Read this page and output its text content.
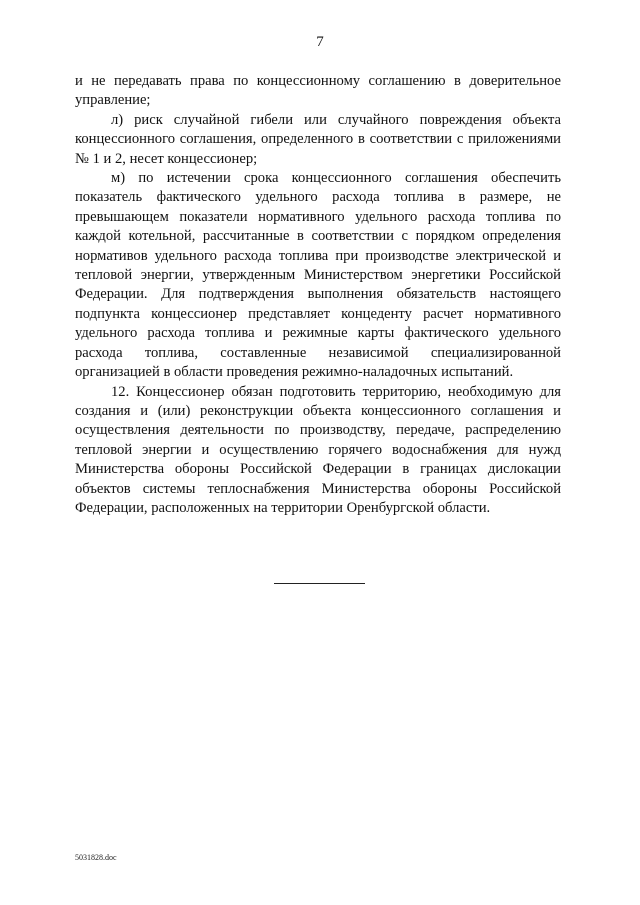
7

и не передавать права по концессионному соглашению в доверительное управление;

л) риск случайной гибели или случайного повреждения объекта концессионного соглашения, определенного в соответствии с приложениями № 1 и 2, несет концессионер;

м) по истечении срока концессионного соглашения обеспечить показатель фактического удельного расхода топлива в размере, не превышающем показатели нормативного удельного расхода топлива по каждой котельной, рассчитанные в соответствии с порядком определения нормативов удельного расхода топлива при производстве электрической и тепловой энергии, утвержденным Министерством энергетики Российской Федерации. Для подтверждения выполнения обязательств настоящего подпункта концессионер представляет концеденту расчет нормативного удельного расхода топлива и режимные карты фактического удельного расхода топлива, составленные независимой специализированной организацией в области проведения режимно-наладочных испытаний.

12. Концессионер обязан подготовить территорию, необходимую для создания и (или) реконструкции объекта концессионного соглашения и осуществления деятельности по производству, передаче, распределению тепловой энергии и осуществлению горячего водоснабжения для нужд Министерства обороны Российской Федерации в границах дислокации объектов системы теплоснабжения Министерства обороны Российской Федерации, расположенных на территории Оренбургской области.

5031828.doc
